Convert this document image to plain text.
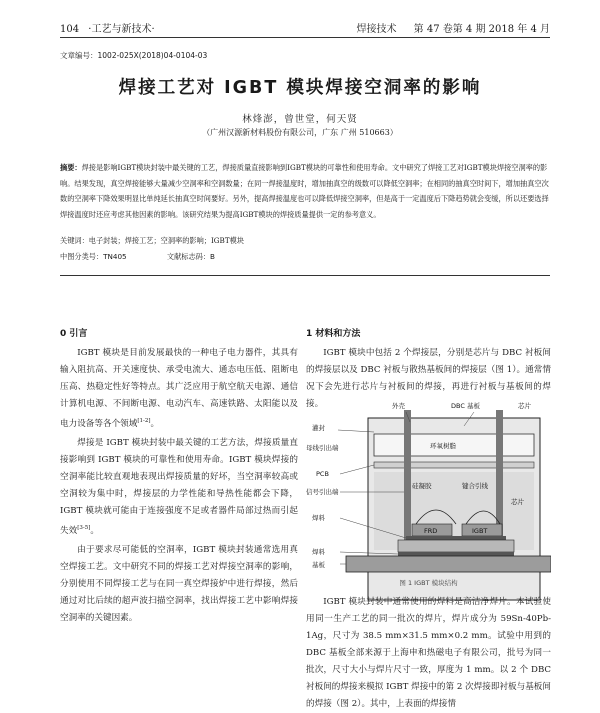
104 ·工艺与新技术·	焊接技术 第 47 卷第 4 期 2018 年 4 月
文章编号：1002-025X(2018)04-0104-03
焊接工艺对 IGBT 模块焊接空洞率的影响
林烽澎，曾世堂，何天贤
（广州汉源新材料股份有限公司，广东 广州 510663）
摘要：焊接是影响IGBT模块封装中最关键的工艺，焊接质量直接影响到IGBT模块的可靠性和使用寿命。文中研究了焊接工艺对IGBT模块焊接空洞率的影响。结果发现，真空焊接能够大量减少空洞率和空洞数量；在同一焊接温度时，增加抽真空的级数可以降低空洞率；在相同的抽真空时间下，增加抽真空次数的空洞率下降效果明显比单纯延长抽真空时间要好。另外，提高焊接温度也可以降低焊接空洞率，但是高于一定温度后下降趋势就会变缓，所以还要选择焊接温度时还应考虑其他因素的影响。该研究结果为提高IGBT模块的焊接质量提供一定的参考意义。
关键词：电子封装；焊接工艺；空洞率的影响；IGBT模块
中图分类号：TN405	文献标志码：B
0 引言

IGBT 模块是目前发展最快的一种电子电力器件，其具有输入阻抗高、开关速度快、承受电流大、通态电压低、阻断电压高、热稳定性好等特点。其广泛应用于航空航天电源、通信计算机电源、不间断电源、电动汽车、高速铁路、太阳能以及电力设备等各个领域[1-2]。

焊接是 IGBT 模块封装中最关键的工艺方法，焊接质量直接影响到 IGBT 模块的可靠性和使用寿命。IGBT 模块焊接的空洞率能比较直观地表现出焊接质量的好坏，当空洞率较高或空洞较为集中时，焊接层的力学性能和导热性能都会下降，IGBT 模块就可能由于连接强度不足或者器件局部过热而引起失效[3-5]。

由于要求尽可能低的空洞率，IGBT 模块封装通常选用真空焊接工艺。文中研究不同的焊接工艺对焊接空洞率的影响，分别使用不同焊接工艺与在同一真空焊接炉中进行焊接，然后通过对比后续的超声波扫描空洞率，找出焊接工艺中影响焊接空洞率的关键因素。

1 材料和方法

IGBT 模块中包括 2 个焊接层，分别是芯片与 DBC 衬板间的焊接层以及 DBC 衬板与散热基板间的焊接层（图 1）。通常情况下会先进行芯片与衬板间的焊接，再进行衬板与基板间的焊接。

灌封
外壳	DBC 基板	芯片
母线引出端	环氧树脂
PCB
信号引出端
硅凝胶	键合引线
芯片
FRD	IGBT
焊料
焊料
基板
图 1 IGBT 模块结构

IGBT 模块封装中通常使用的焊料是高洁净焊片。本试验使用同一生产工艺的同一批次的焊片，焊片成分为 59Sn-40Pb-1Ag，尺寸为 38.5 mm×31.5 mm×0.2 mm。试验中用到的 DBC 基板全部来源于上海申和热磁电子有限公司，批号为同一批次，尺寸大小与焊片尺寸一致，厚度为 1 mm。以 2 个 DBC 衬板间的焊接来模拟 IGBT 焊接中的第 2 次焊接即衬板与基板间的焊接（图 2）。其中，上表面的焊接情
